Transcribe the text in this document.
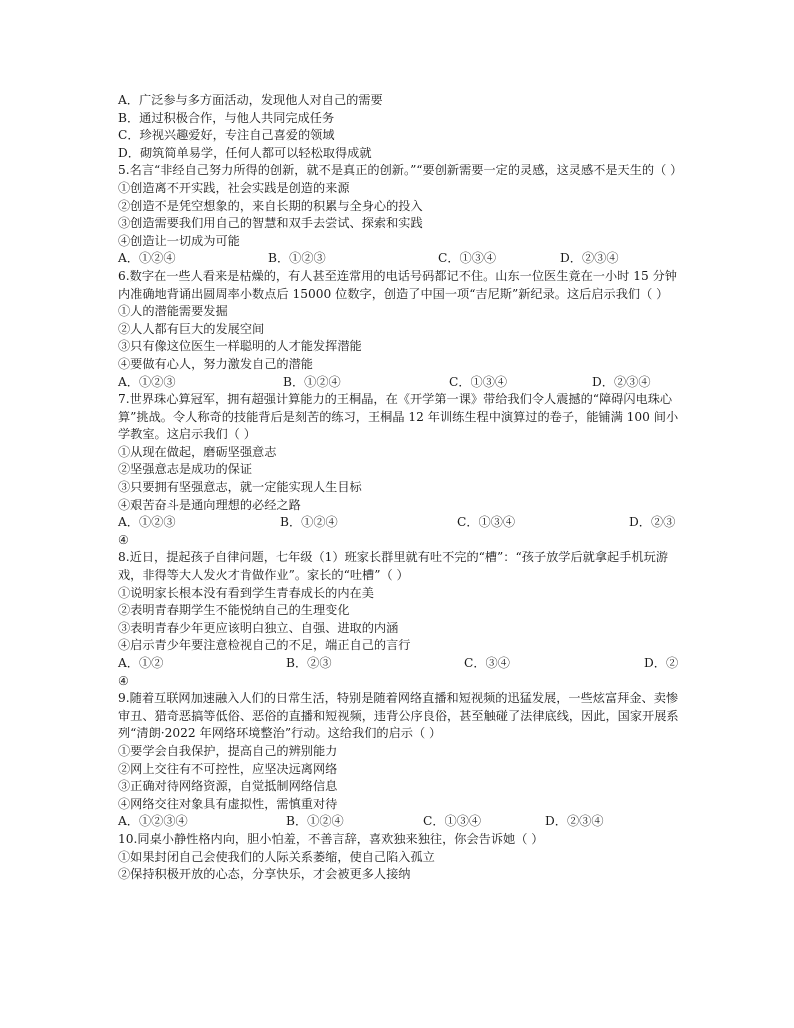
A．广泛参与多方面活动，发现他人对自己的需要
B．通过积极合作，与他人共同完成任务
C．珍视兴趣爱好，专注自己喜爱的领域
D．砌筑简单易学，任何人都可以轻松取得成就
5.名言“非经自己努力所得的创新，就不是真正的创新。”“要创新需要一定的灵感，这灵感不是天生的（ ）
①创造离不开实践，社会实践是创造的来源
②创造不是凭空想象的，来自长期的积累与全身心的投入
③创造需要我们用自己的智慧和双手去尝试、探索和实践
④创造让一切成为可能
A．①②④	B．①②③	C．①③④	D．②③④
6.数字在一些人看来是枯燥的，有人甚至连常用的电话号码都记不住。山东一位医生竟在一小时 15 分钟内准确地背诵出圆周率小数点后 15000 位数字，创造了中国一项“吉尼斯”新纪录。这后启示我们（ ）
①人的潜能需要发掘
②人人都有巨大的发展空间
③只有像这位医生一样聪明的人才能发挥潜能
④要做有心人，努力激发自己的潜能
A．①②③	B．①②④	C．①③④	D．②③④
7.世界珠心算冠军，拥有超强计算能力的王桐晶，在《开学第一课》带给我们令人震撼的“障碍闪电珠心算”挑战。令人称奇的技能背后是刻苦的练习，王桐晶 12 年训练生程中演算过的卷子，能铺满 100 间小学教室。这启示我们（ ）
①从现在做起，磨砺坚强意志
②坚强意志是成功的保证
③只要拥有坚强意志，就一定能实现人生目标
④艰苦奋斗是通向理想的必经之路
A．①②③	B．①②④	C．①③④	D．②③
④
8.近日，提起孩子自律问题，七年级（1）班家长群里就有吐不完的“槽”：“孩子放学后就拿起手机玩游戏，非得等大人发火才肯做作业”。家长的“吐槽”（ ）
①说明家长根本没有看到学生青春成长的内在美
②表明青春期学生不能悦纳自己的生理变化
③表明青春少年更应该明白独立、自强、进取的内涵
④启示青少年要注意检视自己的不足，端正自己的言行
A．①②	B．②③	C．③④	D．②
④
9.随着互联网加速融入人们的日常生活，特别是随着网络直播和短视频的迅猛发展，一些炫富拜金、卖惨审丑、猎奇恶搞等低俗、恶俗的直播和短视频，违背公序良俗，甚至触碰了法律底线，因此，国家开展系列“清朗·2022 年网络环境整治”行动。这给我们的启示（ ）
①要学会自我保护，提高自己的辨别能力
②网上交往有不可控性，应坚决远离网络
③正确对待网络资源，自觉抵制网络信息
④网络交往对象具有虚拟性，需慎重对待
A．①②③④	B．①②④	C．①③④	D．②③④
10.同桌小静性格内向，胆小怕羞，不善言辞，喜欢独来独往，你会告诉她（ ）
①如果封闭自己会使我们的人际关系萎缩，使自己陷入孤立
②保持积极开放的心态，分享快乐，才会被更多人接纳
